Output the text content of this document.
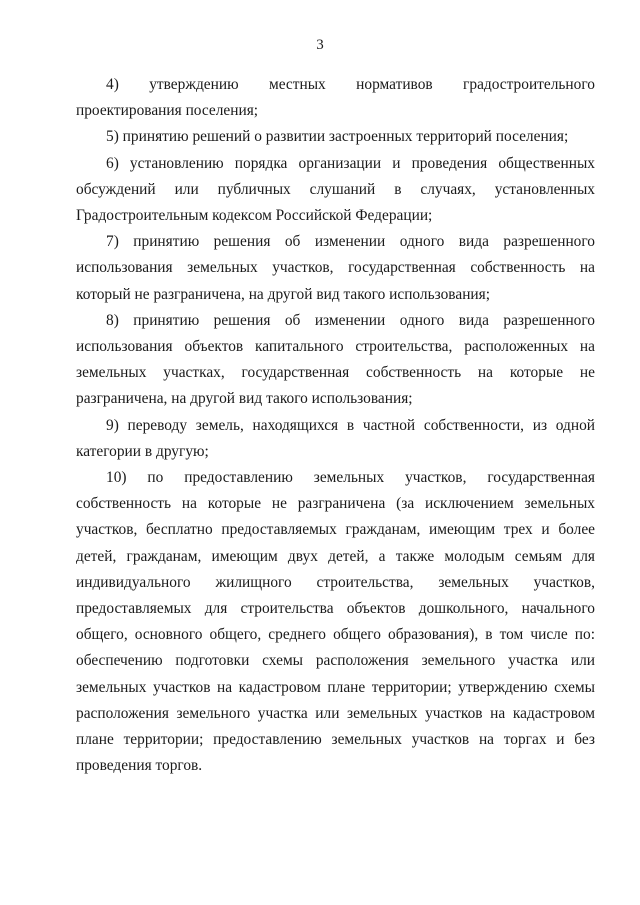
3

4) утверждению местных нормативов градостроительного проектирования поселения;

5) принятию решений о развитии застроенных территорий поселения;

6) установлению порядка организации и проведения общественных обсуждений или публичных слушаний в случаях, установленных Градостроительным кодексом Российской Федерации;

7) принятию решения об изменении одного вида разрешенного использования земельных участков, государственная собственность на который не разграничена, на другой вид такого использования;

8) принятию решения об изменении одного вида разрешенного использования объектов капитального строительства, расположенных на земельных участках, государственная собственность на которые не разграничена, на другой вид такого использования;

9) переводу земель, находящихся в частной собственности, из одной категории в другую;

10) по предоставлению земельных участков, государственная собственность на которые не разграничена (за исключением земельных участков, бесплатно предоставляемых гражданам, имеющим трех и более детей, гражданам, имеющим двух детей, а также молодым семьям для индивидуального жилищного строительства, земельных участков, предоставляемых для строительства объектов дошкольного, начального общего, основного общего, среднего общего образования), в том числе по: обеспечению подготовки схемы расположения земельного участка или земельных участков на кадастровом плане территории; утверждению схемы расположения земельного участка или земельных участков на кадастровом плане территории; предоставлению земельных участков на торгах и без проведения торгов.
